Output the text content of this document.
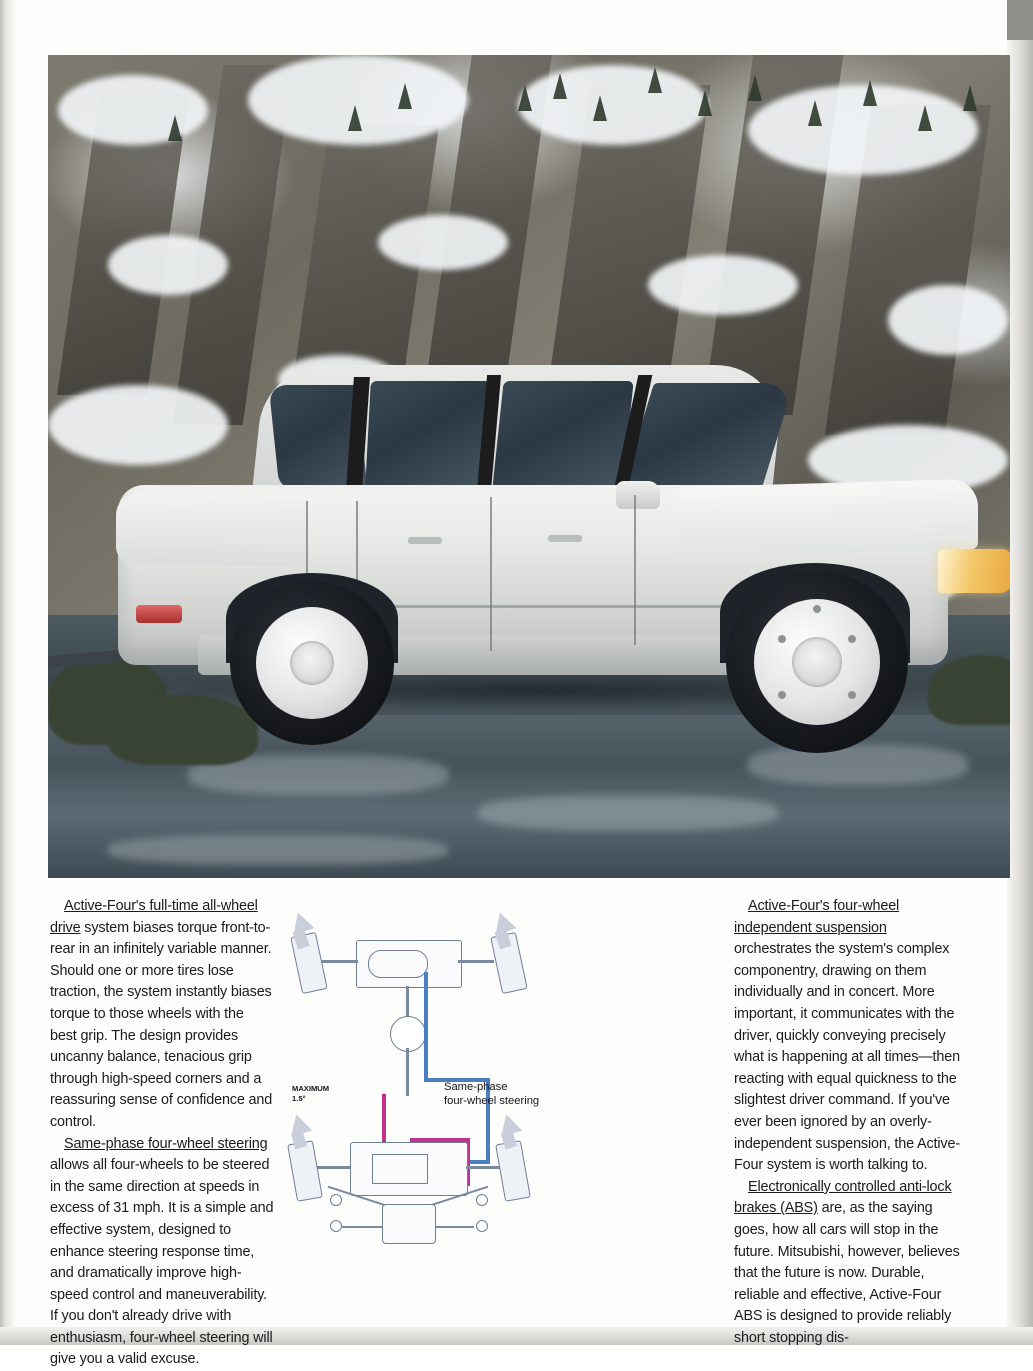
Active-Four's full-time all-wheel drive system biases torque front-to-rear in an infinitely variable manner. Should one or more tires lose traction, the system instantly biases torque to those wheels with the best grip. The design provides uncanny balance, tenacious grip through high-speed corners and a reassuring sense of confidence and control.

Same-phase four-wheel steering allows all four-wheels to be steered in the same direction at speeds in excess of 31 mph. It is a simple and effective system, designed to enhance steering response time, and dramatically improve high-speed control and maneuverability. If you don't already drive with enthusiasm, four-wheel steering will give you a valid excuse.

Active-Four's four-wheel independent suspension orchestrates the system's complex componentry, drawing on them individually and in concert. More important, it communicates with the driver, quickly conveying precisely what is happening at all times—then reacting with equal quickness to the slightest driver command. If you've ever been ignored by an overly-independent suspension, the Active-Four system is worth talking to.

Electronically controlled anti-lock brakes (ABS) are, as the saying goes, how all cars will stop in the future. Mitsubishi, however, believes that the future is now. Durable, reliable and effective, Active-Four ABS is designed to provide reliably short stopping dis-

MAXIMUM
1.5°
Same-phase
four-wheel steering
